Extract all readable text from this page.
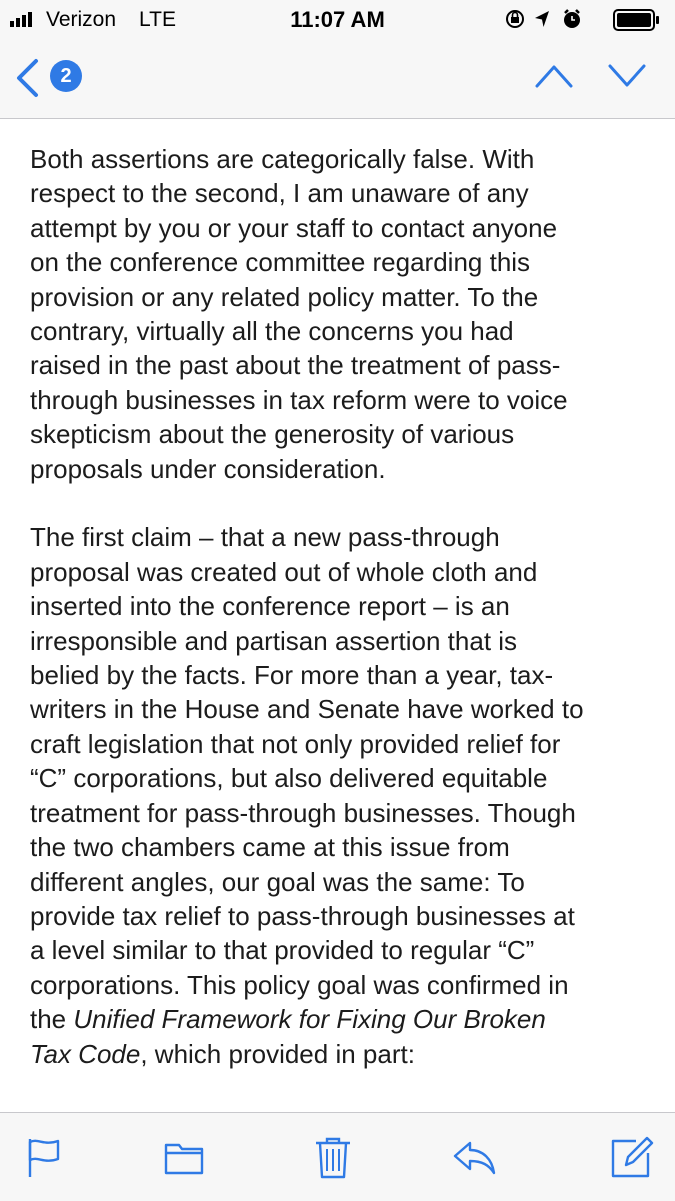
Verizon LTE	11:07 AM
2

Both assertions are categorically false. With
respect to the second, I am unaware of any
attempt by you or your staff to contact anyone
on the conference committee regarding this
provision or any related policy matter. To the
contrary, virtually all the concerns you had
raised in the past about the treatment of pass-
through businesses in tax reform were to voice
skepticism about the generosity of various
proposals under consideration.

The first claim – that a new pass-through
proposal was created out of whole cloth and
inserted into the conference report – is an
irresponsible and partisan assertion that is
belied by the facts. For more than a year, tax-
writers in the House and Senate have worked to
craft legislation that not only provided relief for
“C” corporations, but also delivered equitable
treatment for pass-through businesses. Though
the two chambers came at this issue from
different angles, our goal was the same: To
provide tax relief to pass-through businesses at
a level similar to that provided to regular “C”
corporations. This policy goal was confirmed in
the Unified Framework for Fixing Our Broken
Tax Code, which provided in part:
